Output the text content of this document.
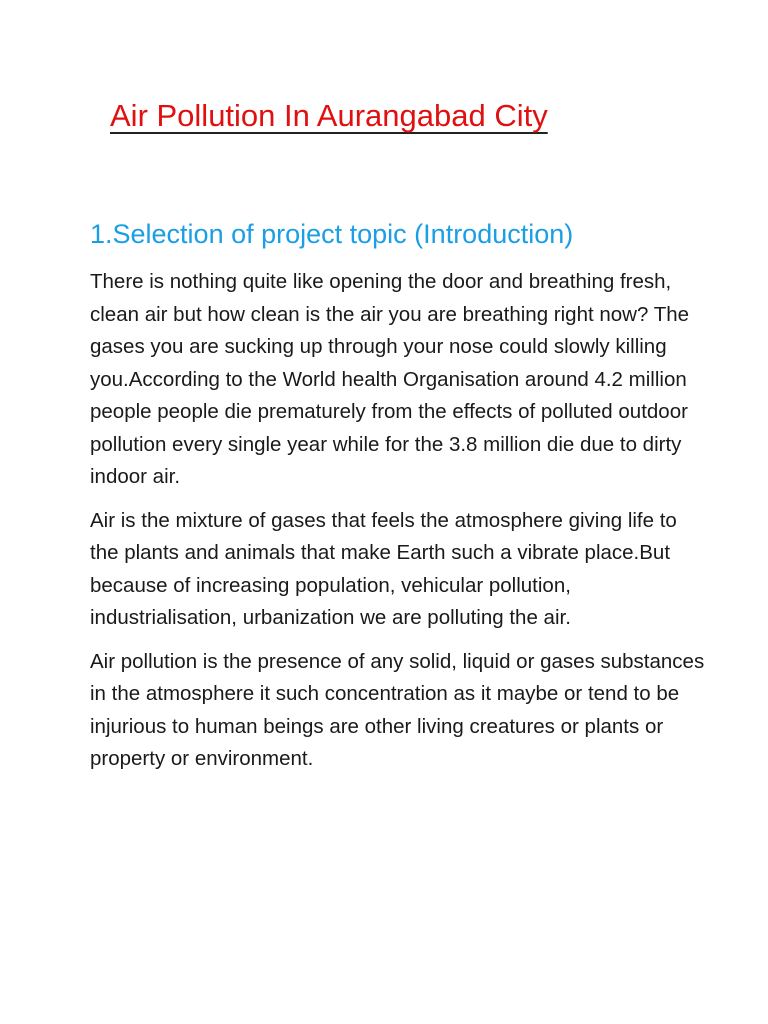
Air Pollution In Aurangabad City
1.Selection of project topic (Introduction)

There is nothing quite like opening the door and breathing fresh, clean air but how clean is the air you are breathing right now? The gases you are sucking up through your nose could slowly killing you.According to the World health Organisation around 4.2 million people people die prematurely from the effects of polluted outdoor pollution every single year while for the 3.8 million die due to dirty indoor air.

Air is the mixture of gases that feels the atmosphere giving life to the plants and animals that make Earth such a vibrate place.But because of increasing population, vehicular pollution, industrialisation, urbanization we are polluting the air.

Air pollution is the presence of any solid, liquid or gases substances in the atmosphere it such concentration as it maybe or tend to be injurious to human beings are other living creatures or plants or property or environment.
